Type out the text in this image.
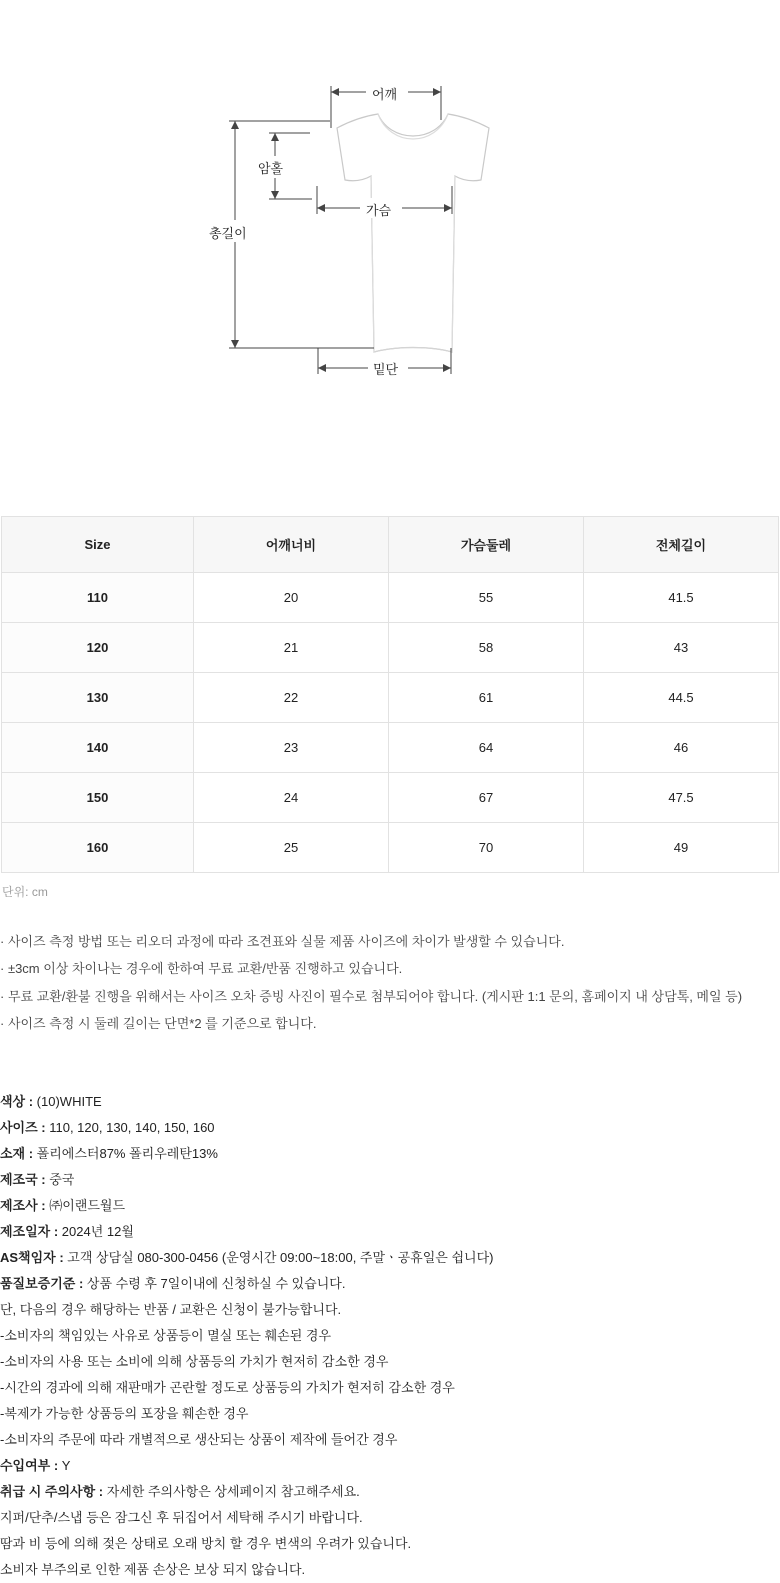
어깨
가슴
암홀
총길이
밑단
Size	어깨너비	가슴둘레	전체길이
110	20	55	41.5
120	21	58	43
130	22	61	44.5
140	23	64	46
150	24	67	47.5
160	25	70	49
단위: cm
· 사이즈 측정 방법 또는 리오더 과정에 따라 조견표와 실물 제품 사이즈에 차이가 발생할 수 있습니다.
· ±3cm 이상 차이나는 경우에 한하여 무료 교환/반품 진행하고 있습니다.
· 무료 교환/환불 진행을 위해서는 사이즈 오차 증빙 사진이 필수로 첨부되어야 합니다. (게시판 1:1 문의, 홈페이지 내 상담톡, 메일 등)
· 사이즈 측정 시 둘레 길이는 단면*2 를 기준으로 합니다.
색상 : (10)WHITE
사이즈 : 110, 120, 130, 140, 150, 160
소재 : 폴리에스터87% 폴리우레탄13%
제조국 : 중국
제조사 : ㈜이랜드월드
제조일자 : 2024년 12월
AS책임자 : 고객 상담실 080-300-0456 (운영시간 09:00~18:00, 주말ㆍ공휴일은 쉽니다)
품질보증기준 : 상품 수령 후 7일이내에 신청하실 수 있습니다.
단, 다음의 경우 해당하는 반품 / 교환은 신청이 불가능합니다.
-소비자의 책임있는 사유로 상품등이 멸실 또는 훼손된 경우
-소비자의 사용 또는 소비에 의해 상품등의 가치가 현저히 감소한 경우
-시간의 경과에 의해 재판매가 곤란할 정도로 상품등의 가치가 현저히 감소한 경우
-복제가 가능한 상품등의 포장을 훼손한 경우
-소비자의 주문에 따라 개별적으로 생산되는 상품이 제작에 들어간 경우
수입여부 : Y
취급 시 주의사항 : 자세한 주의사항은 상세페이지 참고해주세요.
지퍼/단추/스냅 등은 잠그신 후 뒤집어서 세탁해 주시기 바랍니다.
땀과 비 등에 의해 젖은 상태로 오래 방치 할 경우 변색의 우려가 있습니다.
소비자 부주의로 인한 제품 손상은 보상 되지 않습니다.
